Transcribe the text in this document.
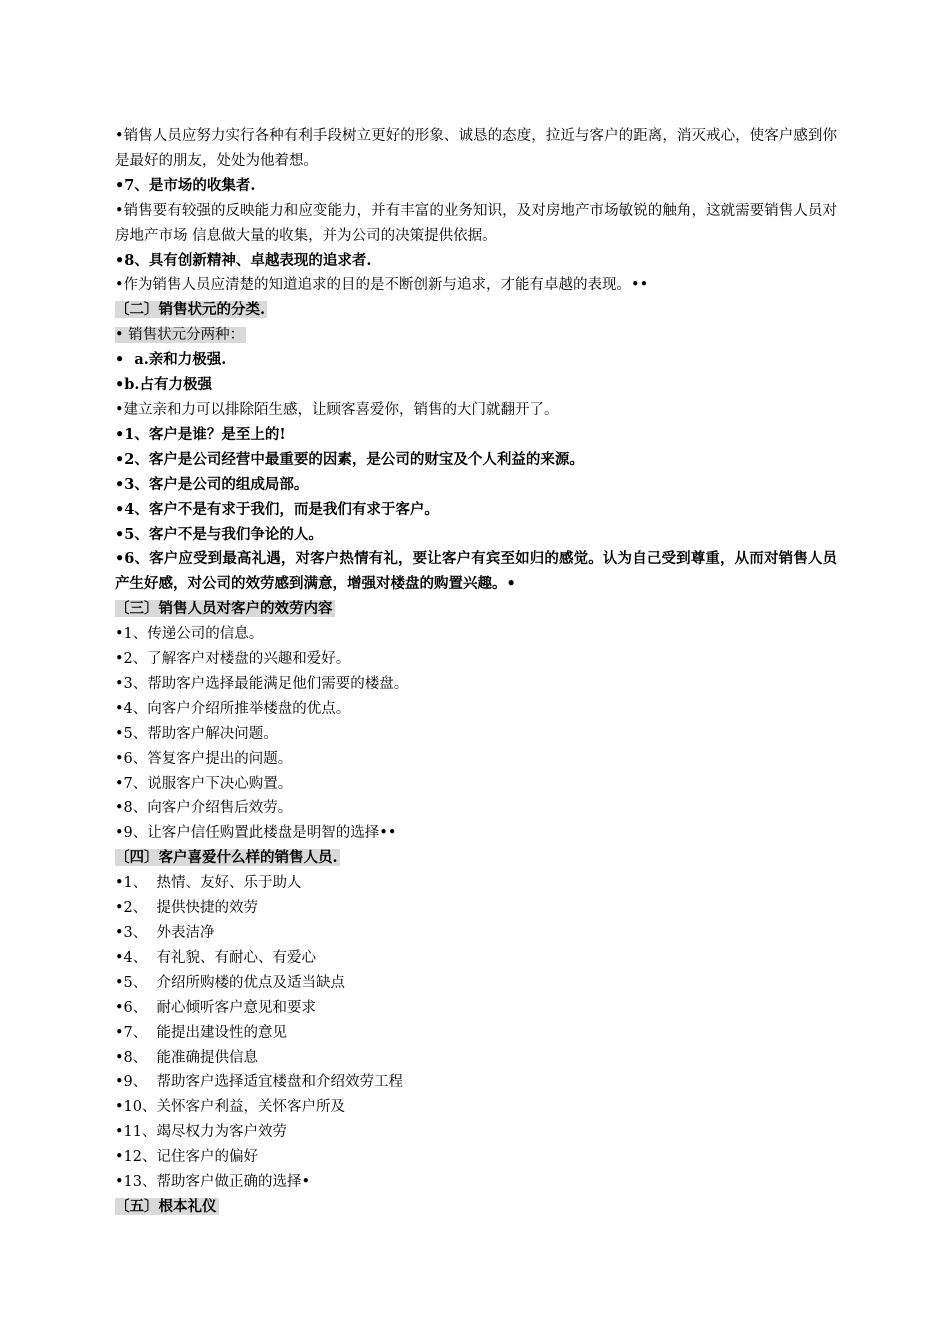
•销售人员应努力实行各种有利手段树立更好的形象、诚恳的态度，拉近与客户的距离，消灭戒心，使客户感到你是最好的朋友，处处为他着想。
•7、是市场的收集者.
•销售要有较强的反映能力和应变能力，并有丰富的业务知识，及对房地产市场敏锐的触角，这就需要销售人员对房地产市场 信息做大量的收集，并为公司的决策提供依据。
•8、具有创新精神、卓越表现的追求者.
•作为销售人员应清楚的知道追求的目的是不断创新与追求，才能有卓越的表现。••
〔二〕销售状元的分类.
• 销售状元分两种：
•  a.亲和力极强.
•b.占有力极强
•建立亲和力可以排除陌生感，让顾客喜爱你，销售的大门就翻开了。
•1、客户是谁？是至上的!
•2、客户是公司经营中最重要的因素，是公司的财宝及个人利益的来源。
•3、客户是公司的组成局部。
•4、客户不是有求于我们，而是我们有求于客户。
•5、客户不是与我们争论的人。
•6、客户应受到最高礼遇，对客户热情有礼，要让客户有宾至如归的感觉。认为自己受到尊重，从而对销售人员产生好感，对公司的效劳感到满意，增强对楼盘的购置兴趣。•
〔三〕销售人员对客户的效劳内容
•1、传递公司的信息。
•2、了解客户对楼盘的兴趣和爱好。
•3、帮助客户选择最能满足他们需要的楼盘。
•4、向客户介绍所推举楼盘的优点。
•5、帮助客户解决问题。
•6、答复客户提出的问题。
•7、说服客户下决心购置。
•8、向客户介绍售后效劳。
•9、让客户信任购置此楼盘是明智的选择••
〔四〕客户喜爱什么样的销售人员.
•1、  热情、友好、乐于助人
•2、  提供快捷的效劳
•3、  外表洁净
•4、  有礼貌、有耐心、有爱心
•5、  介绍所购楼的优点及适当缺点
•6、  耐心倾听客户意见和要求
•7、  能提出建设性的意见
•8、  能准确提供信息
•9、  帮助客户选择适宜楼盘和介绍效劳工程
•10、关怀客户利益，关怀客户所及
•11、竭尽权力为客户效劳
•12、记住客户的偏好
•13、帮助客户做正确的选择•
〔五〕根本礼仪
